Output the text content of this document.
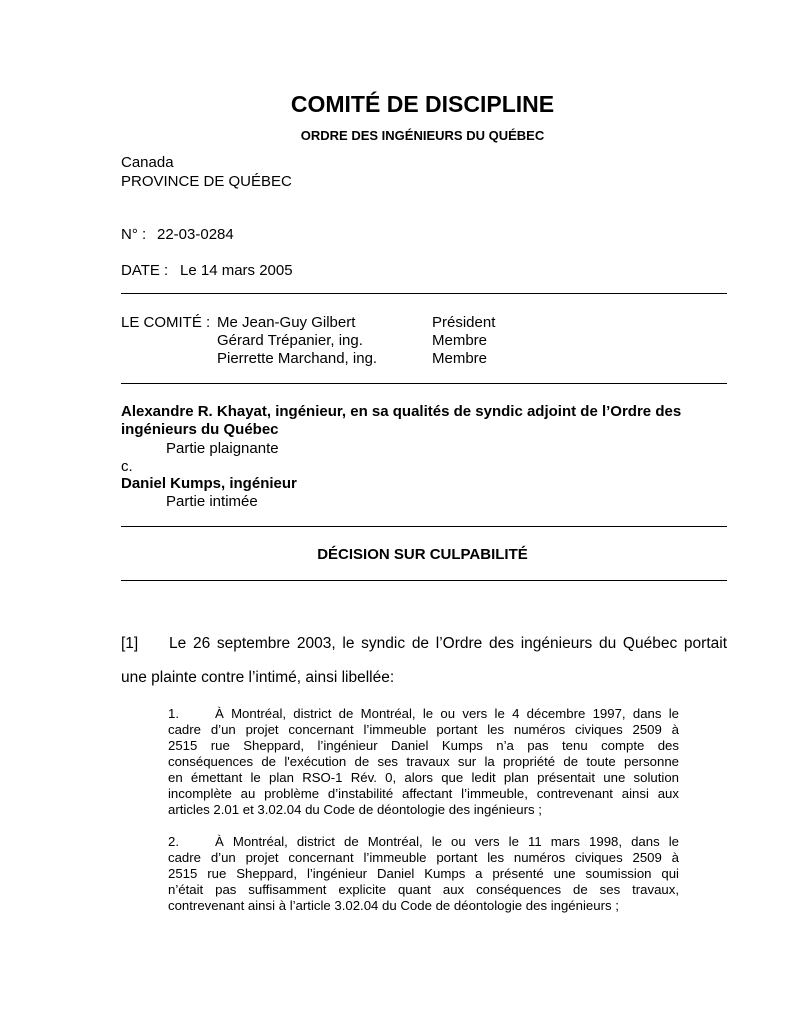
COMITÉ DE DISCIPLINE
ORDRE DES INGÉNIEURS DU QUÉBEC
Canada
PROVINCE DE QUÉBEC
N° : 22-03-0284
DATE : Le 14 mars 2005
LE COMITÉ : Me Jean-Guy Gilbert	Président
Gérard Trépanier, ing.	Membre
Pierrette Marchand, ing.	Membre
Alexandre R. Khayat, ingénieur, en sa qualités de syndic adjoint de l’Ordre des
ingénieurs du Québec
Partie plaignante
c.
Daniel Kumps, ingénieur
Partie intimée
DÉCISION SUR CULPABILITÉ
[1] Le 26 septembre 2003, le syndic de l’Ordre des ingénieurs du Québec portait
une plainte contre l’intimé, ainsi libellée:
1.	À Montréal, district de Montréal, le ou vers le 4 décembre 1997, dans le
cadre d’un projet concernant l’immeuble portant les numéros civiques 2509 à
2515 rue Sheppard, l’ingénieur Daniel Kumps n’a pas tenu compte des
conséquences de l'exécution de ses travaux sur la propriété de toute personne
en émettant le plan RSO-1 Rév. 0, alors que ledit plan présentait une solution
incomplète au problème d’instabilité affectant l’immeuble, contrevenant ainsi aux
articles 2.01 et 3.02.04 du Code de déontologie des ingénieurs ;
2.	À Montréal, district de Montréal, le ou vers le 11 mars 1998, dans le
cadre d’un projet concernant l’immeuble portant les numéros civiques 2509 à
2515 rue Sheppard, l’ingénieur Daniel Kumps a présenté une soumission qui
n’était pas suffisamment explicite quant aux conséquences de ses travaux,
contrevenant ainsi à l’article 3.02.04 du Code de déontologie des ingénieurs ;
